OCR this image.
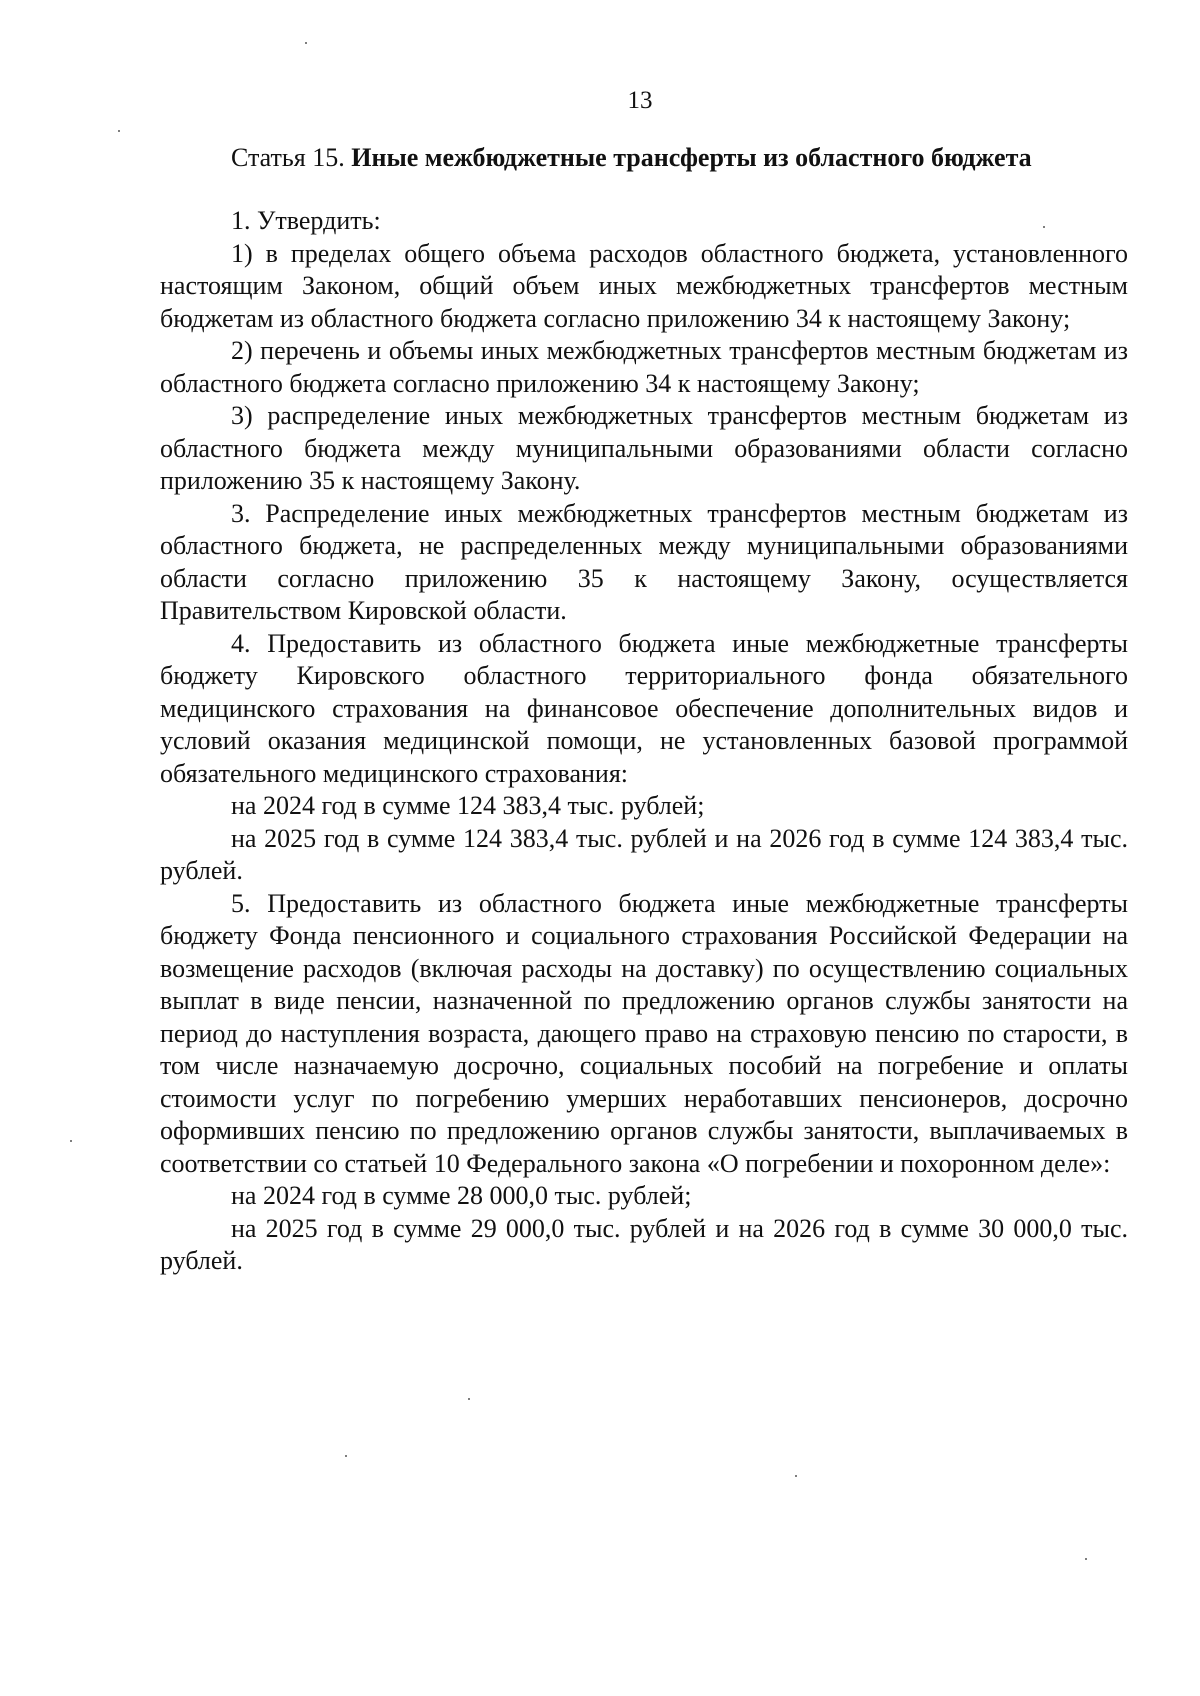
13
Статья 15. Иные межбюджетные трансферты из областного бюджета

1. Утвердить:

1) в пределах общего объема расходов областного бюджета, установленного настоящим Законом, общий объем иных межбюджетных трансфертов местным бюджетам из областного бюджета согласно приложению 34 к настоящему Закону;

2) перечень и объемы иных межбюджетных трансфертов местным бюджетам из областного бюджета согласно приложению 34 к настоящему Закону;

3) распределение иных межбюджетных трансфертов местным бюджетам из областного бюджета между муниципальными образованиями области согласно приложению 35 к настоящему Закону.

3. Распределение иных межбюджетных трансфертов местным бюджетам из областного бюджета, не распределенных между муниципальными образованиями области согласно приложению 35 к настоящему Закону, осуществляется Правительством Кировской области.

4. Предоставить из областного бюджета иные межбюджетные трансферты бюджету Кировского областного территориального фонда обязательного медицинского страхования на финансовое обеспечение дополнительных видов и условий оказания медицинской помощи, не установленных базовой программой обязательного медицинского страхования:

на 2024 год в сумме 124 383,4 тыс. рублей;

на 2025 год в сумме 124 383,4 тыс. рублей и на 2026 год в сумме 124 383,4 тыс. рублей.

5. Предоставить из областного бюджета иные межбюджетные трансферты бюджету Фонда пенсионного и социального страхования Российской Федерации на возмещение расходов (включая расходы на доставку) по осуществлению социальных выплат в виде пенсии, назначенной по предложению органов службы занятости на период до наступления возраста, дающего право на страховую пенсию по старости, в том числе назначаемую досрочно, социальных пособий на погребение и оплаты стоимости услуг по погребению умерших неработавших пенсионеров, досрочно оформивших пенсию по предложению органов службы занятости, выплачиваемых в соответствии со статьей 10 Федерального закона «О погребении и похоронном деле»:

на 2024 год в сумме 28 000,0 тыс. рублей;

на 2025 год в сумме 29 000,0 тыс. рублей и на 2026 год в сумме 30 000,0 тыс. рублей.
